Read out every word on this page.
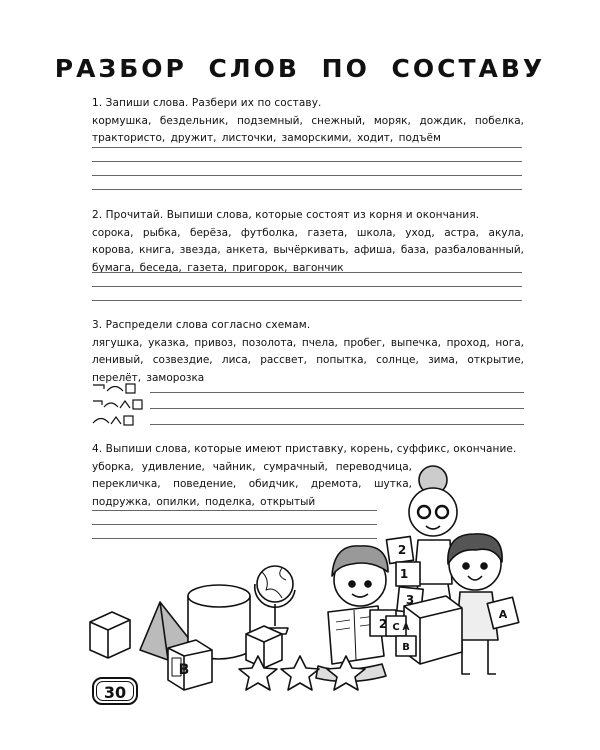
РАЗБОР СЛОВ ПО СОСТАВУ

1. Запиши слова. Разбери их по составу.

кормушка, бездельник, подземный, снежный, моряк, дождик, побелка, трактористо, дружит, листочки, заморскими, ходит, подъём

2. Прочитай. Выпиши слова, которые состоят из корня и окончания.

сорока, рыбка, берёза, футболка, газета, школа, уход, астра, акула, корова, книга, звезда, анкета, вычёркивать, афиша, база, разбалованный, бумага, беседа, газета, пригорок, вагончик

3. Распредели слова согласно схемам.

лягушка, указка, привоз, позолота, пчела, пробег, выпечка, проход, нога, ленивый, созвездие, лиса, рассвет, попытка, солнце, зима, открытие, перелёт, заморозка

4. Выпиши слова, которые имеют приставку, корень, суффикс, окончание.

уборка, удивление, чайник, сумрачный, переводчица, перекличка, поведение, обидчик, дремота, шутка, подружка, опилки, поделка, открытый

1
3
2
2
B
A
C
B
A
30
